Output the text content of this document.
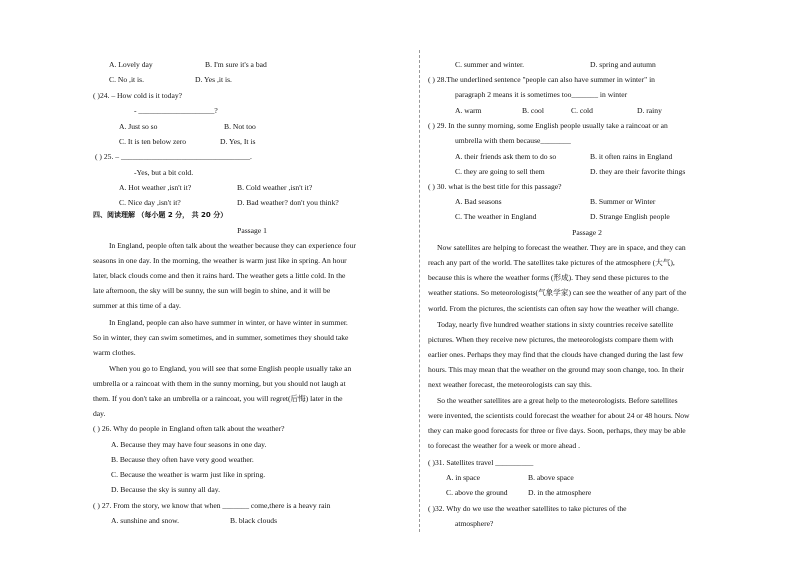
A. Lovely day	B. I'm sure it's a bad
C. No ,it is.	D. Yes ,it is.
( )24. – How cold is it today?
- ____________________?
A. Just so so	B. Not too
C. It is ten below zero	D. Yes, It is
( ) 25. – __________________________________.
-Yes, but a bit cold.
A. Hot weather ,isn't it?	B. Cold weather ,isn't it?
C. Nice day ,isn't it?	D. Bad weather? don't you think?
四、阅读理解 （每小题 2 分， 共 20 分）
Passage 1
In England, people often talk about the weather because they can experience four
seasons in one day. In the morning, the weather is warm just like in spring. An hour
later, black clouds come and then it rains hard. The weather gets a little cold. In the
late afternoon, the sky will be sunny, the sun will begin to shine, and it will be
summer at this time of a day.
In England, people can also have summer in winter, or have winter in summer.
So in winter, they can swim sometimes, and in summer, sometimes they should take
warm clothes.
When you go to England, you will see that some English people usually take an
umbrella or a raincoat with them in the sunny morning, but you should not laugh at
them. If you don't take an umbrella or a raincoat, you will regret(后悔) later in the
day.
( ) 26. Why do people in England often talk about the weather?
A. Because they may have four seasons in one day.
B. Because they often have very good weather.
C. Because the weather is warm just like in spring.
D. Because the sky is sunny all day.
( ) 27. From the story, we know that when _______ come,there is a heavy rain
A. sunshine and snow.	B. black clouds
C. summer and winter.	D. spring and autumn
( ) 28.The underlined sentence "people can also have summer in winter" in
paragraph 2 means it is sometimes too_______ in winter
A. warm	B. cool	C. cold	D. rainy
( ) 29. In the sunny morning, some English people usually take a raincoat or an
umbrella with them because________
A. their friends ask them to do so	B. it often rains in England
C. they are going to sell them	D. they are their favorite things
( ) 30. what is the best title for this passage?
A. Bad seasons	B. Summer or Winter
C. The weather in England	D. Strange English people
Passage 2
Now satellites are helping to forecast the weather. They are in space, and they can
reach any part of the world. The satellites take pictures of the atmosphere (大气),
because this is where the weather forms (形成). They send these pictures to the
weather stations. So meteorologists(气象学家) can see the weather of any part of the
world. From the pictures, the scientists can often say how the weather will change.
Today, nearly five hundred weather stations in sixty countries receive satellite
pictures. When they receive new pictures, the meteorologists compare them with
earlier ones. Perhaps they may find that the clouds have changed during the last few
hours. This may mean that the weather on the ground may soon change, too. In their
next weather forecast, the meteorologists can say this.
So the weather satellites are a great help to the meteorologists. Before satellites
were invented, the scientists could forecast the weather for about 24 or 48 hours. Now
they can make good forecasts for three or five days. Soon, perhaps, they may be able
to forecast the weather for a week or more ahead .
( )31. Satellites travel __________
A. in space	B. above space
C. above the ground	D. in the atmosphere
( )32. Why do we use the weather satellites to take pictures of the
atmosphere?
